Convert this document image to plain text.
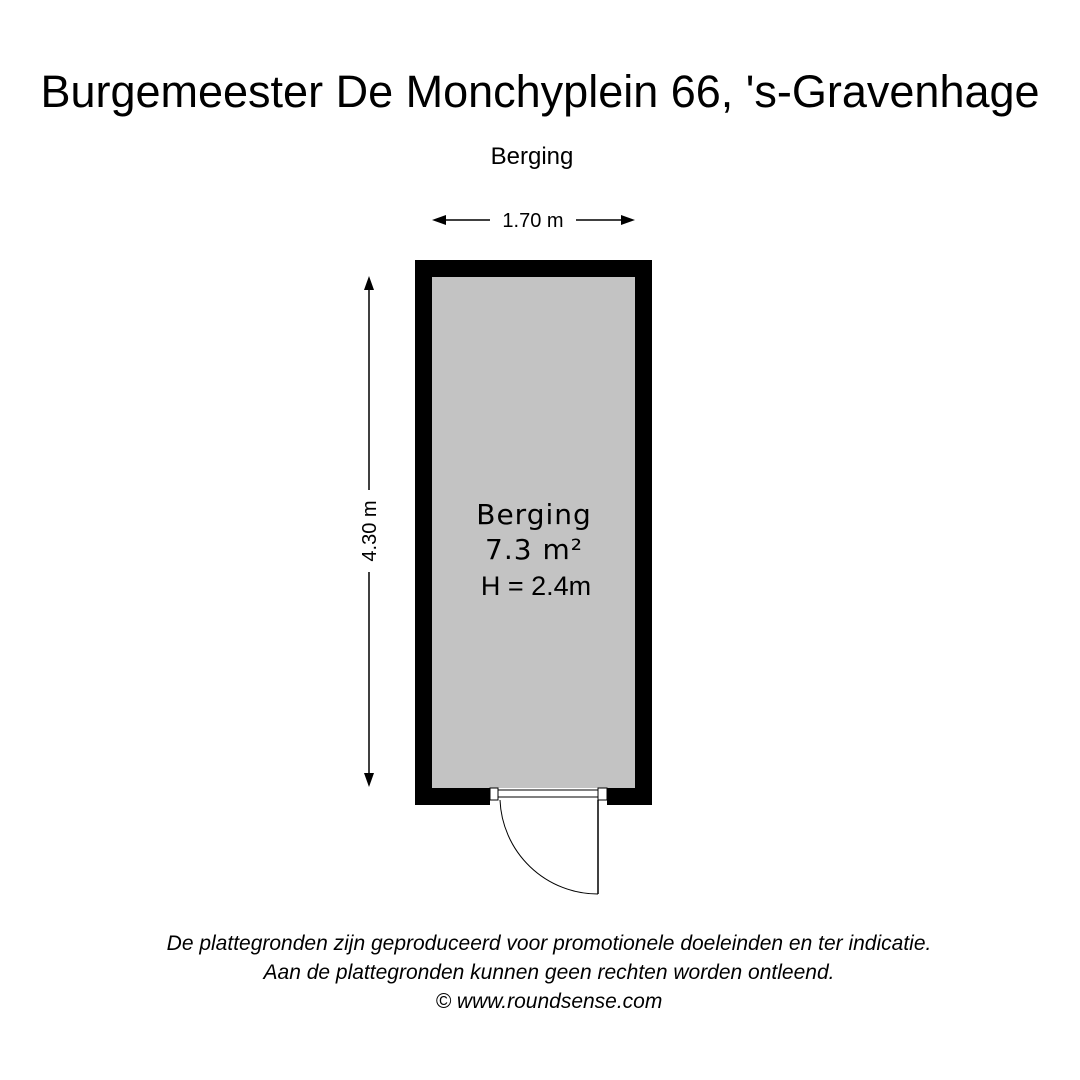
Burgemeester De Monchyplein 66, 's-Gravenhage
Berging
1.70 m
4.30 m	Berging
7.3 m²
H = 2.4m
De plattegronden zijn geproduceerd voor promotionele doeleinden en ter indicatie.
Aan de plattegronden kunnen geen rechten worden ontleend.
© www.roundsense.com
